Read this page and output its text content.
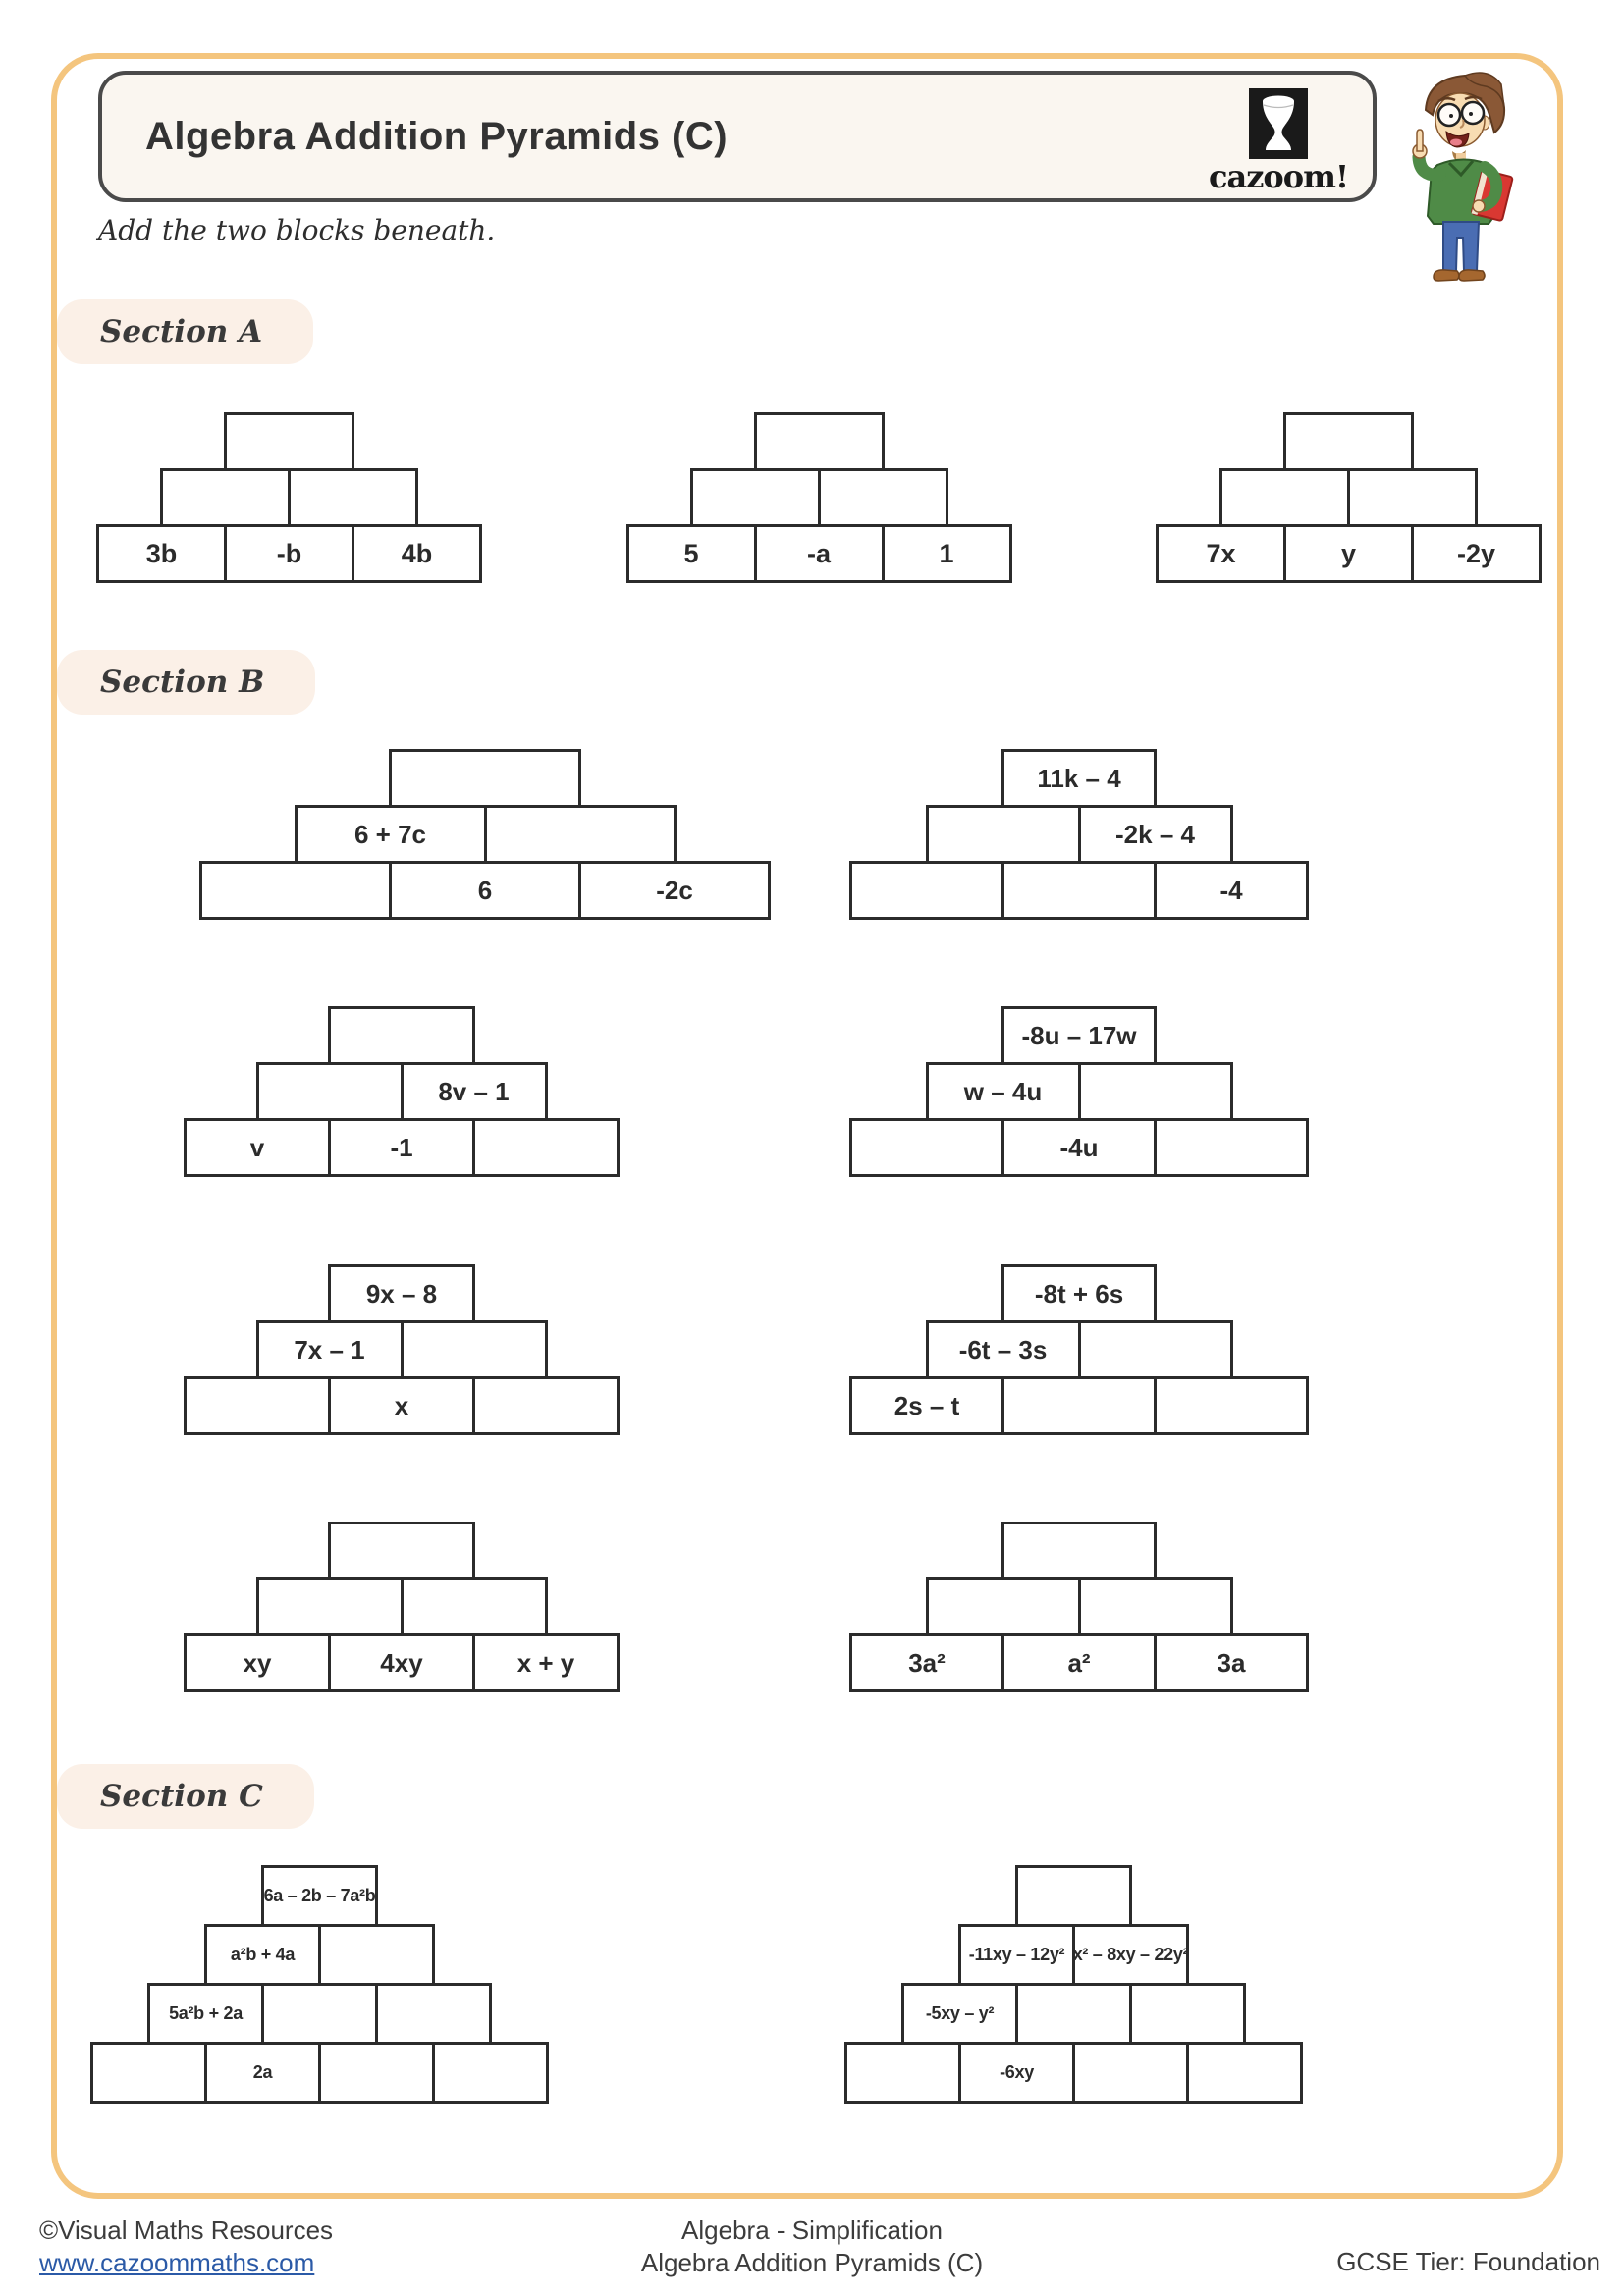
Algebra Addition Pyramids (C)
cazoom!

Add the two blocks beneath.

Section A
3b	-b	4b	5	-a	1	7x	y	-2y
Section B
6 + 7c
6	-2c
11k – 4
-2k – 4
-4
8v – 1
v	-1
-8u – 17w
w – 4u
-4u
9x – 8
7x – 1
x
-8t + 6s
-6t – 3s
2s – t
xy	4xy	x + y	3a²	a²	3a
Section C
6a – 2b – 7a²b
a²b + 4a
5a²b + 2a
2a
-11xy – 12y² x² – 8xy – 22y²
-5xy – y²
-6xy
©Visual Maths Resources
www.cazoommaths.com
Algebra - Simplification
Algebra Addition Pyramids (C)	GCSE Tier: Foundation
